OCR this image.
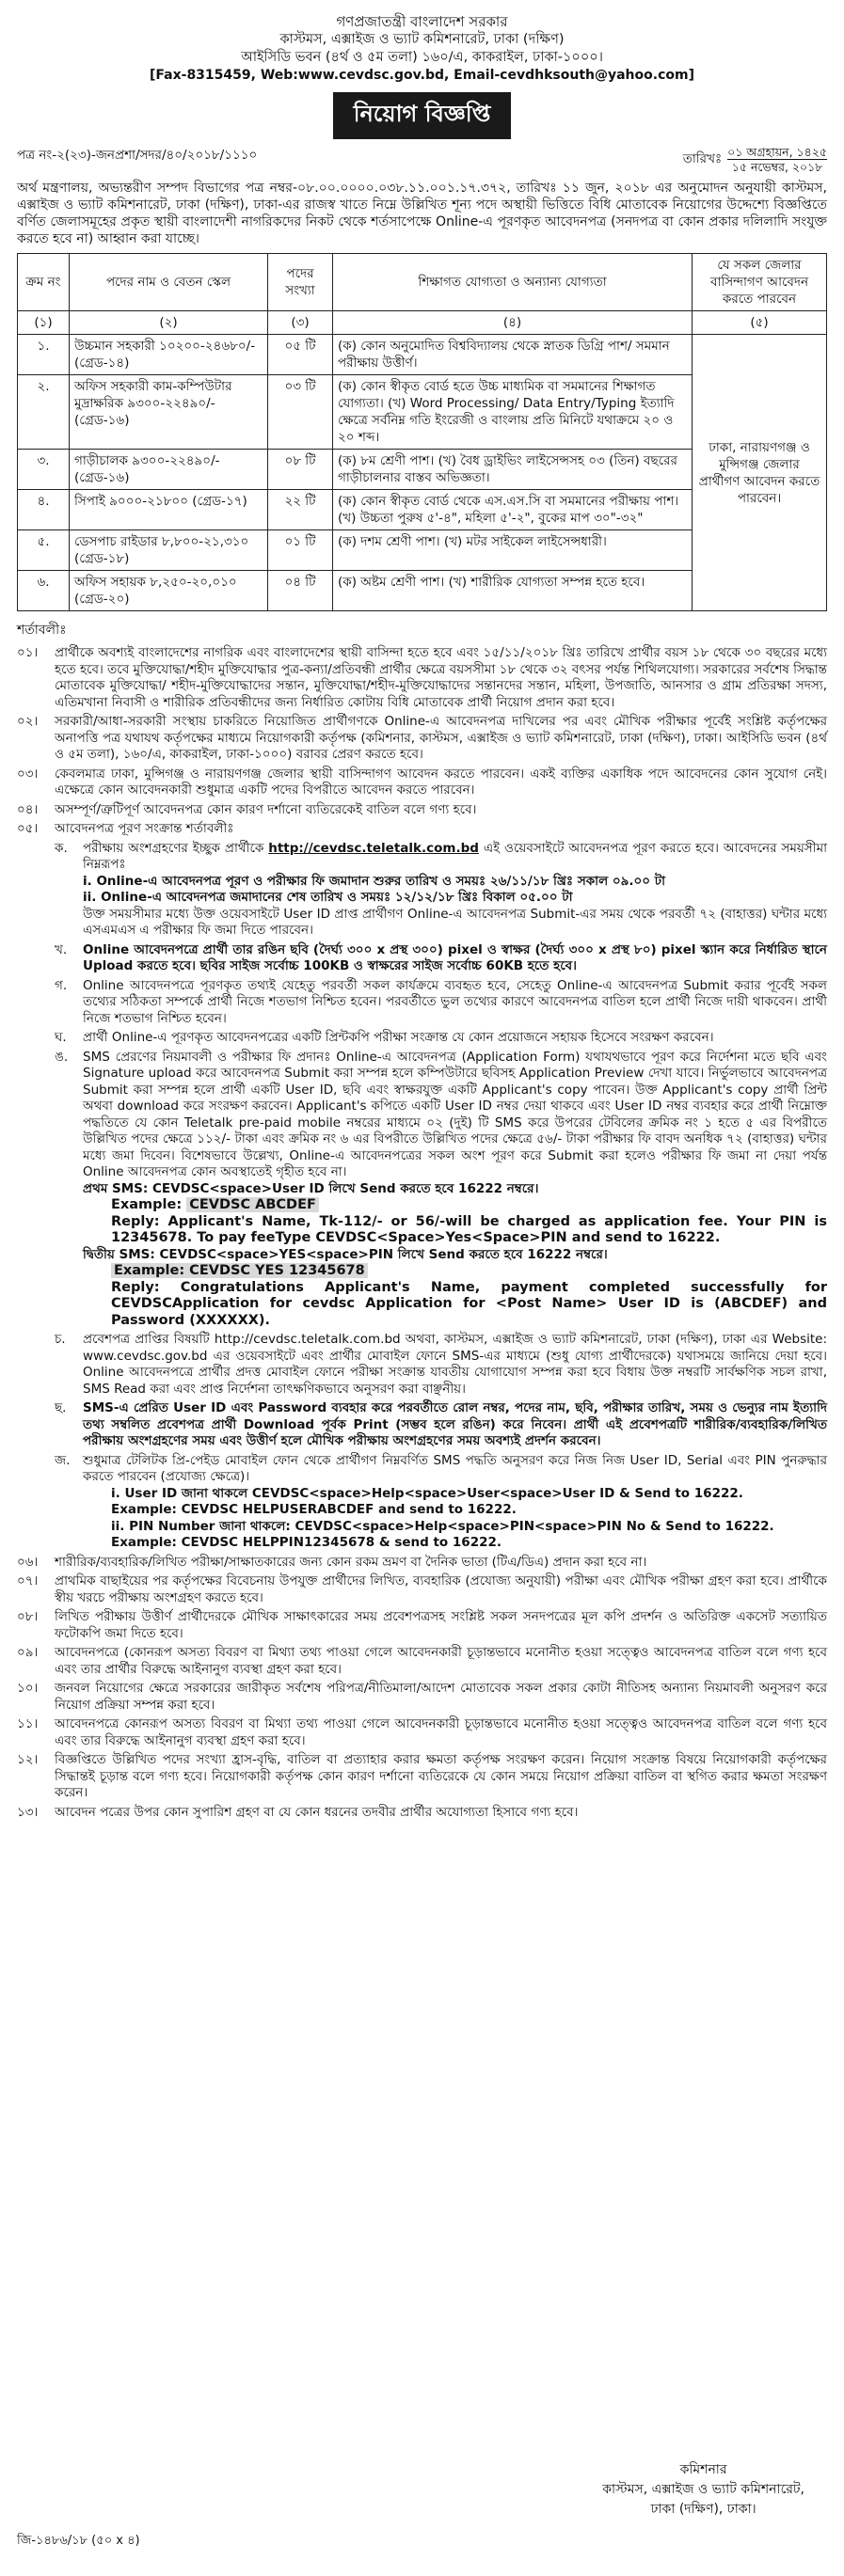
গণপ্রজাতন্ত্রী বাংলাদেশ সরকার
কাস্টমস, এক্সাইজ ও ভ্যাট কমিশনারেট, ঢাকা (দক্ষিণ)
আইসিডি ভবন (৪র্থ ও ৫ম তলা) ১৬০/এ, কাকরাইল, ঢাকা-১০০০।
[Fax-8315459, Web:www.cevdsc.gov.bd, Email-cevdhksouth@yahoo.com]
নিয়োগ বিজ্ঞপ্তি
পত্র নং-২(২৩)-জনপ্রশা/সদর/৪০/২০১৮/১১১০	তারিখঃ ০১ অগ্রহায়ন, ১৪২৫
১৫ নভেম্বর, ২০১৮
অর্থ মন্ত্রণালয়, অভ্যন্তরীণ সম্পদ বিভাগের পত্র নম্বর-০৮.০০.০০০০.০৩৮.১১.০০১.১৭.৩৭২, তারিখঃ ১১ জুন, ২০১৮ এর অনুমোদন অনুযায়ী কাস্টমস, এক্সাইজ ও ভ্যাট কমিশনারেট, ঢাকা (দক্ষিণ), ঢাকা-এর রাজস্ব খাতে নিম্নে উল্লিখিত শূন্য পদে অস্থায়ী ভিত্তিতে বিধি মোতাবেক নিয়োগের উদ্দেশ্যে বিজ্ঞপ্তিতে বর্ণিত জেলাসমূহের প্রকৃত স্থায়ী বাংলাদেশী নাগরিকদের নিকট থেকে শর্তসাপেক্ষে Online-এ পূরণকৃত আবেদনপত্র (সনদপত্র বা কোন প্রকার দলিলাদি সংযুক্ত করতে হবে না) আহ্বান করা যাচ্ছে।
ক্রম নং	পদের নাম ও বেতন স্কেল	পদের সংখ্যা	শিক্ষাগত যোগ্যতা ও অন্যান্য যোগ্যতা	যে সকল জেলার বাসিন্দাগণ আবেদন করতে পারবেন
(১)	(২)	(৩)	(৪)	(৫)
১.	উচ্চমান সহকারী ১০২০০-২৪৬৮০/- (গ্রেড-১৪)	০৫ টি	(ক) কোন অনুমোদিত বিশ্ববিদ্যালয় থেকে স্নাতক ডিগ্রি পাশ/ সমমান পরীক্ষায় উত্তীর্ণ।	ঢাকা, নারায়ণগঞ্জ ও মুন্সিগঞ্জ জেলার প্রার্থীগণ আবেদন করতে পারবেন।
২.	অফিস সহকারী কাম-কম্পিউটার মুদ্রাক্ষরিক ৯৩০০-২২৪৯০/- (গ্রেড-১৬)	০৩ টি	(ক) কোন স্বীকৃত বোর্ড হতে উচ্চ মাধ্যমিক বা সমমানের শিক্ষাগত যোগ্যতা। (খ) Word Processing/ Data Entry/Typing ইত্যাদি ক্ষেত্রে সর্বনিম্ন গতি ইংরেজী ও বাংলায় প্রতি মিনিটে যথাক্রমে ২০ ও ২০ শব্দ।	
৩.	গাড়ীচালক ৯৩০০-২২৪৯০/- (গ্রেড-১৬)	০৮ টি	(ক) ৮ম শ্রেণী পাশ। (খ) বৈধ ড্রাইভিং লাইসেন্সসহ ০৩ (তিন) বছরের গাড়ীচালনার বাস্তব অভিজ্ঞতা।	
৪.	সিপাই ৯০০০-২১৮০০ (গ্রেড-১৭)	২২ টি	(ক) কোন স্বীকৃত বোর্ড থেকে এস.এস.সি বা সমমানের পরীক্ষায় পাশ। (খ) উচ্চতা পুরুষ ৫'-৪", মহিলা ৫'-২", বুকের মাপ ৩০"-৩২"	
৫.	ডেসপাচ রাইডার ৮,৮০০-২১,৩১০ (গ্রেড-১৮)	০১ টি	(ক) দশম শ্রেণী পাশ। (খ) মটর সাইকেল লাইসেন্সধারী।	
৬.	অফিস সহায়ক ৮,২৫০-২০,০১০ (গ্রেড-২০)	০৪ টি	(ক) অষ্টম শ্রেণী পাশ। (খ) শারীরিক যোগ্যতা সম্পন্ন হতে হবে।	
শর্তাবলীঃ
০১।	প্রার্থীকে অবশ্যই বাংলাদেশের নাগরিক এবং বাংলাদেশের স্থায়ী বাসিন্দা হতে হবে এবং ১৫/১১/২০১৮ খ্রিঃ তারিখে প্রার্থীর বয়স ১৮ থেকে ৩০ বছরের মধ্যে হতে হবে। তবে মুক্তিযোদ্ধা/শহীদ মুক্তিযোদ্ধার পুত্র-কন্যা/প্রতিবন্ধী প্রার্থীর ক্ষেত্রে বয়সসীমা ১৮ থেকে ৩২ বৎসর পর্যন্ত শিথিলযোগ্য। সরকারের সর্বশেষ সিদ্ধান্ত মোতাবেক মুক্তিযোদ্ধা/ শহীদ-মুক্তিযোদ্ধাদের সন্তান, মুক্তিযোদ্ধা/শহীদ-মুক্তিযোদ্ধাদের সন্তানদের সন্তান, মহিলা, উপজাতি, আনসার ও গ্রাম প্রতিরক্ষা সদস্য, এতিমখানা নিবাসী ও শারীরিক প্রতিবন্ধীদের জন্য নির্ধারিত কোটায় বিধি মোতাবেক প্রার্থী নিয়োগ প্রদান করা হবে।
০২।	সরকারী/আধা-সরকারী সংস্থায় চাকরিতে নিয়োজিত প্রার্থীগণকে Online-এ আবেদনপত্র দাখিলের পর এবং মৌখিক পরীক্ষার পূর্বেই সংশ্লিষ্ট কর্তৃপক্ষের অনাপত্তি পত্র যথাযথ কর্তৃপক্ষের মাধ্যমে নিয়োগকারী কর্তৃপক্ষ (কমিশনার, কাস্টমস, এক্সাইজ ও ভ্যাট কমিশনারেট, ঢাকা (দক্ষিণ), ঢাকা। আইসিডি ভবন (৪র্থ ও ৫ম তলা), ১৬০/এ, কাকরাইল, ঢাকা-১০০০) বরাবর প্রেরণ করতে হবে।
০৩।	কেবলমাত্র ঢাকা, মুন্সিগঞ্জ ও নারায়ণগঞ্জ জেলার স্থায়ী বাসিন্দাগণ আবেদন করতে পারবেন। একই ব্যক্তির একাধিক পদে আবেদনের কোন সুযোগ নেই। এক্ষেত্রে কোন আবেদনকারী শুধুমাত্র একটি পদের বিপরীতে আবেদন করতে পারবেন।
০৪।	অসম্পূর্ণ/ত্রুটিপূর্ণ আবেদনপত্র কোন কারণ দর্শানো ব্যতিরেকেই বাতিল বলে গণ্য হবে।
০৫।	আবেদনপত্র পূরণ সংক্রান্ত শর্তাবলীঃ
ক.	পরীক্ষায় অংশগ্রহণের ইচ্ছুক প্রার্থীকে http://cevdsc.teletalk.com.bd এই ওয়েবসাইটে আবেদনপত্র পূরণ করতে হবে। আবেদনের সময়সীমা নিম্নরূপঃ
i. Online-এ আবেদনপত্র পূরণ ও পরীক্ষার ফি জমাদান শুরুর তারিখ ও সময়ঃ ২৬/১১/১৮ খ্রিঃ সকাল ০৯.০০ টা
ii. Online-এ আবেদনপত্র জমাদানের শেষ তারিখ ও সময়ঃ ১২/১২/১৮ খ্রিঃ বিকাল ০৫.০০ টা
উক্ত সময়সীমার মধ্যে উক্ত ওয়েবসাইটে User ID প্রাপ্ত প্রার্থীগণ Online-এ আবেদনপত্র Submit-এর সময় থেকে পরবর্তী ৭২ (বাহাত্তর) ঘন্টার মধ্যে এসএমএস এ পরীক্ষার ফি জমা দিতে পারবেন।
খ.	Online আবেদনপত্রে প্রার্থী তার রঙিন ছবি (দৈর্ঘ্য ৩০০ x প্রস্থ ৩০০) pixel ও স্বাক্ষর (দৈর্ঘ্য ৩০০ x প্রস্থ ৮০) pixel স্ক্যান করে নির্ধারিত স্থানে Upload করতে হবে। ছবির সাইজ সর্বোচ্চ 100KB ও স্বাক্ষরের সাইজ সর্বোচ্চ 60KB হতে হবে।
গ.	Online আবেদনপত্রে পূরণকৃত তথ্যই যেহেতু পরবর্তী সকল কার্যক্রমে ব্যবহৃত হবে, সেহেতু Online-এ আবেদনপত্র Submit করার পূর্বেই সকল তথ্যের সঠিকতা সম্পর্কে প্রার্থী নিজে শতভাগ নিশ্চিত হবেন। পরবর্তীতে ভুল তথ্যের কারণে আবেদনপত্র বাতিল হলে প্রার্থী নিজে দায়ী থাকবেন। প্রার্থী নিজে শতভাগ নিশ্চিত হবেন।
ঘ.	প্রার্থী Online-এ পূরণকৃত আবেদনপত্রের একটি প্রিন্টকপি পরীক্ষা সংক্রান্ত যে কোন প্রয়োজনে সহায়ক হিসেবে সংরক্ষণ করবেন।
ঙ.	SMS প্রেরণের নিয়মাবলী ও পরীক্ষার ফি প্রদানঃ Online-এ আবেদনপত্র (Application Form) যথাযথভাবে পূরণ করে নির্দেশনা মতে ছবি এবং Signature upload করে আবেদনপত্র Submit করা সম্পন্ন হলে কম্পিউটারে ছবিসহ Application Preview দেখা যাবে। নির্ভুলভাবে আবেদনপত্র Submit করা সম্পন্ন হলে প্রার্থী একটি User ID, ছবি এবং স্বাক্ষরযুক্ত একটি Applicant's copy পাবেন। উক্ত Applicant's copy প্রার্থী প্রিন্ট অথবা download করে সংরক্ষণ করবেন। Applicant's কপিতে একটি User ID নম্বর দেয়া থাকবে এবং User ID নম্বর ব্যবহার করে প্রার্থী নিম্নোক্ত পদ্ধতিতে যে কোন Teletalk pre-paid mobile নম্বরের মাধ্যমে ০২ (দুই) টি SMS করে উপরের টেবিলের ক্রমিক নং ১ হতে ৫ এর বিপরীতে উল্লিখিত পদের ক্ষেত্রে ১১২/- টাকা এবং ক্রমিক নং ৬ এর বিপরীতে উল্লিখিত পদের ক্ষেত্রে ৫৬/- টাকা পরীক্ষার ফি বাবদ অনধিক ৭২ (বাহাত্তর) ঘন্টার মধ্যে জমা দিবেন। বিশেষভাবে উল্লেখ্য, Online-এ আবেদনপত্রের সকল অংশ পূরণ করে Submit করা হলেও পরীক্ষার ফি জমা না দেয়া পর্যন্ত Online আবেদনপত্র কোন অবস্থাতেই গৃহীত হবে না।
প্রথম SMS: CEVDSC<space>User ID লিখে Send করতে হবে 16222 নম্বরে।
Example: CEVDSC ABCDEF
Reply: Applicant's Name, Tk-112/- or 56/-will be charged as application fee. Your PIN is 12345678. To pay feeType CEVDSC<Space>Yes<Space>PIN and send to 16222.
দ্বিতীয় SMS: CEVDSC<space>YES<space>PIN লিখে Send করতে হবে 16222 নম্বরে।
Example: CEVDSC YES 12345678
Reply: Congratulations Applicant's Name, payment completed successfully for CEVDSCApplication for cevdsc Application for <Post Name> User ID is (ABCDEF) and Password (XXXXXX).
চ.	প্রবেশপত্র প্রাপ্তির বিষয়টি http://cevdsc.teletalk.com.bd অথবা, কাস্টমস, এক্সাইজ ও ভ্যাট কমিশনারেট, ঢাকা (দক্ষিণ), ঢাকা এর Website: www.cevdsc.gov.bd এর ওয়েবসাইটে এবং প্রার্থীর মোবাইল ফোনে SMS-এর মাধ্যমে (শুধু যোগ্য প্রার্থীদেরকে) যথাসময়ে জানিয়ে দেয়া হবে। Online আবেদনপত্রে প্রার্থীর প্রদত্ত মোবাইল ফোনে পরীক্ষা সংক্রান্ত যাবতীয় যোগাযোগ সম্পন্ন করা হবে বিধায় উক্ত নম্বরটি সার্বক্ষণিক সচল রাখা, SMS Read করা এবং প্রাপ্ত নির্দেশনা তাৎক্ষণিকভাবে অনুসরণ করা বাঞ্ছনীয়।
ছ.	SMS-এ প্রেরিত User ID এবং Password ব্যবহার করে পরবর্তীতে রোল নম্বর, পদের নাম, ছবি, পরীক্ষার তারিখ, সময় ও ভেন্যুর নাম ইত্যাদি তথ্য সম্বলিত প্রবেশপত্র প্রার্থী Download পূর্বক Print (সম্ভব হলে রঙিন) করে নিবেন। প্রার্থী এই প্রবেশপত্রটি শারীরিক/ব্যবহারিক/লিখিত পরীক্ষায় অংশগ্রহণের সময় এবং উত্তীর্ণ হলে মৌখিক পরীক্ষায় অংশগ্রহণের সময় অবশ্যই প্রদর্শন করবেন।
জ.	শুধুমাত্র টেলিটক প্রি-পেইড মোবাইল ফোন থেকে প্রার্থীগণ নিম্নবর্ণিত SMS পদ্ধতি অনুসরণ করে নিজ নিজ User ID, Serial এবং PIN পুনরুদ্ধার করতে পারবেন (প্রযোজ্য ক্ষেত্রে)।
i. User ID জানা থাকলে CEVDSC<space>Help<space>User<space>User ID & Send to 16222.
Example: CEVDSC HELPUSERABCDEF and send to 16222.
ii. PIN Number জানা থাকলে: CEVDSC<space>Help<space>PIN<space>PIN No & Send to 16222.
Example: CEVDSC HELPPIN12345678 & send to 16222.
০৬।	শারীরিক/ব্যবহারিক/লিখিত পরীক্ষা/সাক্ষাতকারের জন্য কোন রকম ভ্রমণ বা দৈনিক ভাতা (টিএ/ডিএ) প্রদান করা হবে না।
০৭।	প্রাথমিক বাছাইয়ের পর কর্তৃপক্ষের বিবেচনায় উপযুক্ত প্রার্থীদের লিখিত, ব্যবহারিক (প্রযোজ্য অনুযায়ী) পরীক্ষা এবং মৌখিক পরীক্ষা গ্রহণ করা হবে। প্রার্থীকে স্বীয় খরচে পরীক্ষায় অংশগ্রহণ করতে হবে।
০৮।	লিখিত পরীক্ষায় উত্তীর্ণ প্রার্থীদেরকে মৌখিক সাক্ষাৎকারের সময় প্রবেশপত্রসহ সংশ্লিষ্ট সকল সনদপত্রের মূল কপি প্রদর্শন ও অতিরিক্ত একসেট সত্যায়িত ফটোকপি জমা দিতে হবে।
০৯।	আবেদনপত্রে (কোনরূপ অসত্য বিবরণ বা মিথ্যা তথ্য পাওয়া গেলে আবেদনকারী চূড়ান্তভাবে মনোনীত হওয়া সত্ত্বেও আবেদনপত্র বাতিল বলে গণ্য হবে এবং তার প্রার্থীর বিরুদ্ধে আইনানুগ ব্যবস্থা গ্রহণ করা হবে।
১০।	জনবল নিয়োগের ক্ষেত্রে সরকারের জারীকৃত সর্বশেষ পরিপত্র/নীতিমালা/আদেশ মোতাবেক সকল প্রকার কোটা নীতিসহ অন্যান্য নিয়মাবলী অনুসরণ করে নিয়োগ প্রক্রিয়া সম্পন্ন করা হবে।
১১।	আবেদনপত্রে কোনরূপ অসত্য বিবরণ বা মিথ্যা তথ্য পাওয়া গেলে আবেদনকারী চূড়ান্তভাবে মনোনীত হওয়া সত্ত্বেও আবেদনপত্র বাতিল বলে গণ্য হবে এবং তার বিরুদ্ধে আইনানুগ ব্যবস্থা গ্রহণ করা হবে।
১২।	বিজ্ঞপ্তিতে উল্লিখিত পদের সংখ্যা হ্রাস-বৃদ্ধি, বাতিল বা প্রত্যাহার করার ক্ষমতা কর্তৃপক্ষ সংরক্ষণ করেন। নিয়োগ সংক্রান্ত বিষয়ে নিয়োগকারী কর্তৃপক্ষের সিদ্ধান্তই চূড়ান্ত বলে গণ্য হবে। নিয়োগকারী কর্তৃপক্ষ কোন কারণ দর্শানো ব্যতিরেকে যে কোন সময়ে নিয়োগ প্রক্রিয়া বাতিল বা স্থগিত করার ক্ষমতা সংরক্ষণ করেন।
১৩।	আবেদন পত্রের উপর কোন সুপারিশ গ্রহণ বা যে কোন ধরনের তদবীর প্রার্থীর অযোগ্যতা হিসাবে গণ্য হবে।
কমিশনার
কাস্টমস, এক্সাইজ ও ভ্যাট কমিশনারেট,
ঢাকা (দক্ষিণ), ঢাকা।
জি-১৪৮৬/১৮ (৫০ x ৪)
